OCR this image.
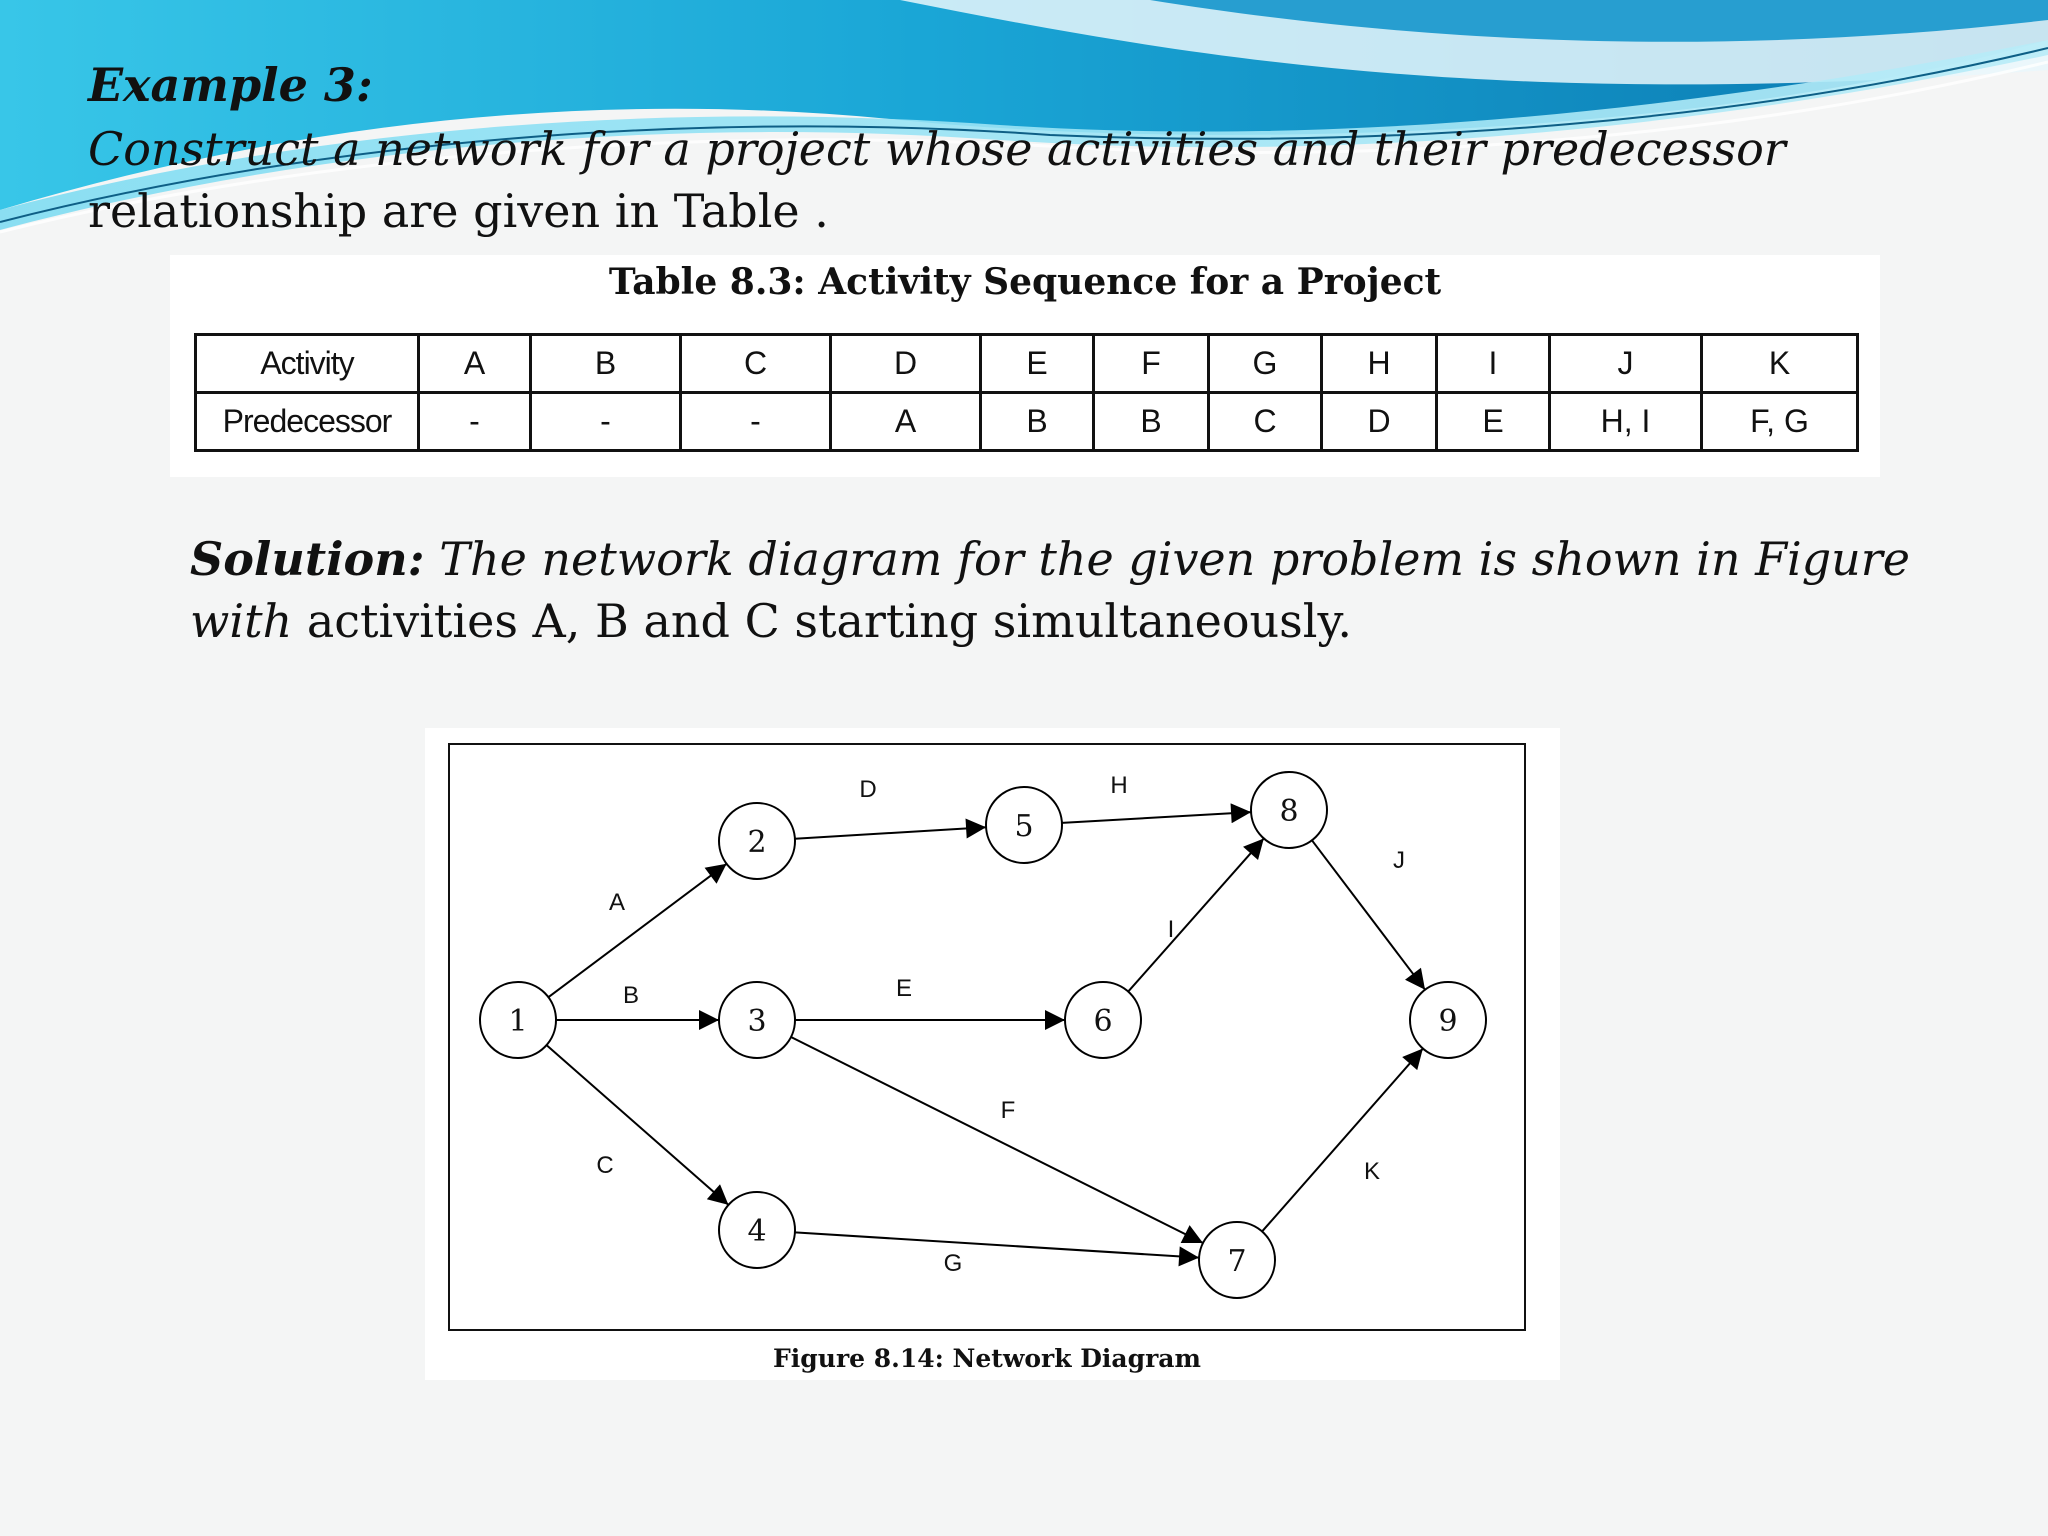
Example 3:
Construct a network for a project whose activities and their predecessor relationship are given in Table .
Table 8.3: Activity Sequence for a Project
Activity	A	B	C	D	E	F	G	H	I	J	K
Predecessor	-	-	-	A	B	B	C	D	E	H, I	F, G
Solution: The network diagram for the given problem is shown in Figure with activities A, B and C starting simultaneously.
A
B
C
D
E
F
G
H
I
J
K
1
2
3
4
5
6
7
8
9
Figure 8.14: Network Diagram
